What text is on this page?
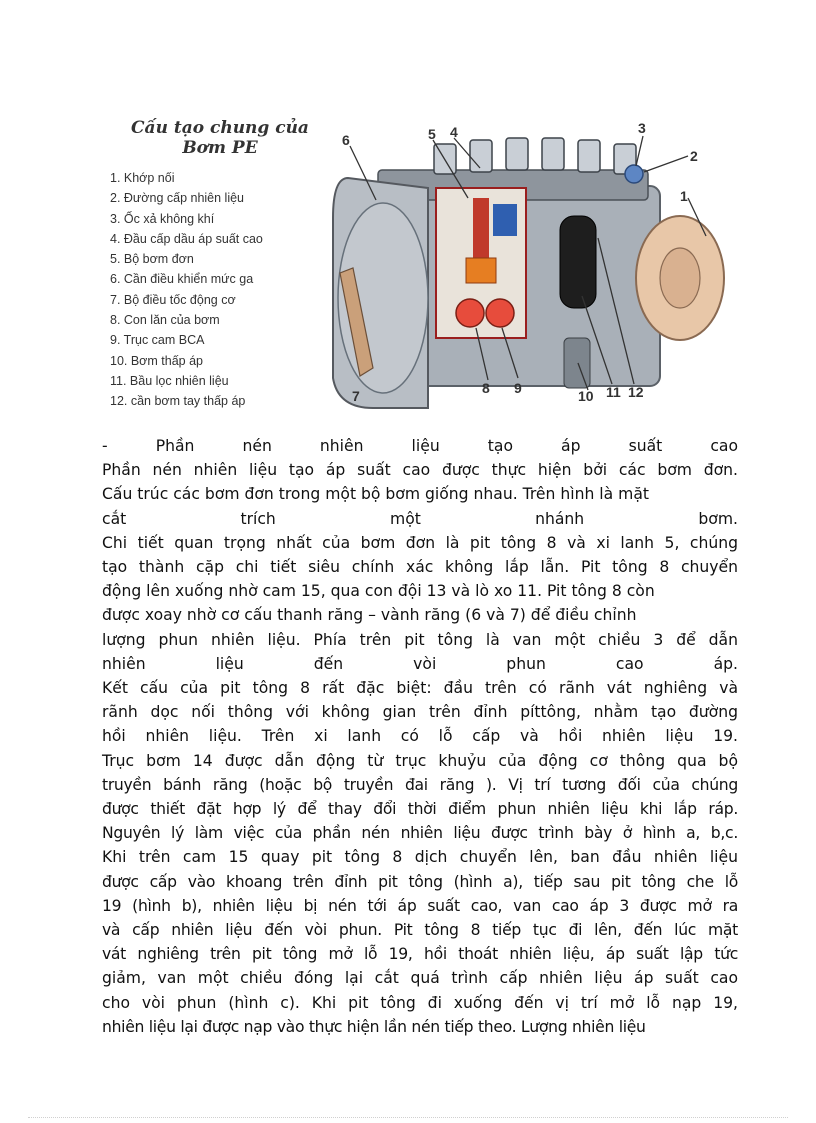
Cấu tạo chung của Bơm PE
1. Khớp nối
2. Đường cấp nhiên liệu
3. Ốc xả không khí
4. Đầu cấp dầu áp suất cao
5. Bộ bơm đơn
6. Cần điều khiển mức ga
7. Bộ điều tốc động cơ
8. Con lăn của bơm
9. Trục cam BCA
10. Bơm thấp áp
11. Bầu lọc nhiên liệu
12. cần bơm tay thấp áp
1
2
3
4
5
6
7	8 9	10 11 12

- Phần nén nhiên liệu tạo áp suất cao

Phần nén nhiên liệu tạo áp suất cao được thực hiện bởi các bơm đơn.

Cấu trúc các bơm đơn trong một bộ bơm giống nhau. Trên hình là mặt

cắt trích một nhánh bơm.

Chi tiết quan trọng nhất của bơm đơn là pit tông 8 và xi lanh 5, chúng

tạo thành cặp chi tiết siêu chính xác không lắp lẫn. Pit tông 8 chuyển

động lên xuống nhờ cam 15, qua con đội 13 và lò xo 11. Pit tông 8 còn

được xoay nhờ cơ cấu thanh răng – vành răng (6 và 7) để điều chỉnh

lượng phun nhiên liệu. Phía trên pit tông là van một chiều 3 để dẫn

nhiên liệu đến vòi phun cao áp.

Kết cấu của pit tông 8 rất đặc biệt: đầu trên có rãnh vát nghiêng và

rãnh dọc nối thông với không gian trên đỉnh píttông, nhằm tạo đường

hồi nhiên liệu. Trên xi lanh có lỗ cấp và hồi nhiên liệu 19.

Trục bơm 14 được dẫn động từ trục khuỷu của động cơ thông qua bộ

truyền bánh răng (hoặc bộ truyền đai răng ). Vị trí tương đối của chúng

được thiết đặt hợp lý để thay đổi thời điểm phun nhiên liệu khi lắp ráp.

Nguyên lý làm việc của phần nén nhiên liệu được trình bày ở hình a, b,c.

Khi trên cam 15 quay pit tông 8 dịch chuyển lên, ban đầu nhiên liệu

được cấp vào khoang trên đỉnh pit tông (hình a), tiếp sau pit tông che lỗ

19 (hình b), nhiên liệu bị nén tới áp suất cao, van cao áp 3 được mở ra

và cấp nhiên liệu đến vòi phun. Pit tông 8 tiếp tục đi lên, đến lúc mặt

vát nghiêng trên pit tông mở lỗ 19, hồi thoát nhiên liệu, áp suất lập tức

giảm, van một chiều đóng lại cắt quá trình cấp nhiên liệu áp suất cao

cho vòi phun (hình c). Khi pit tông đi xuống đến vị trí mở lỗ nạp 19,

nhiên liệu lại được nạp vào thực hiện lần nén tiếp theo. Lượng nhiên liệu
